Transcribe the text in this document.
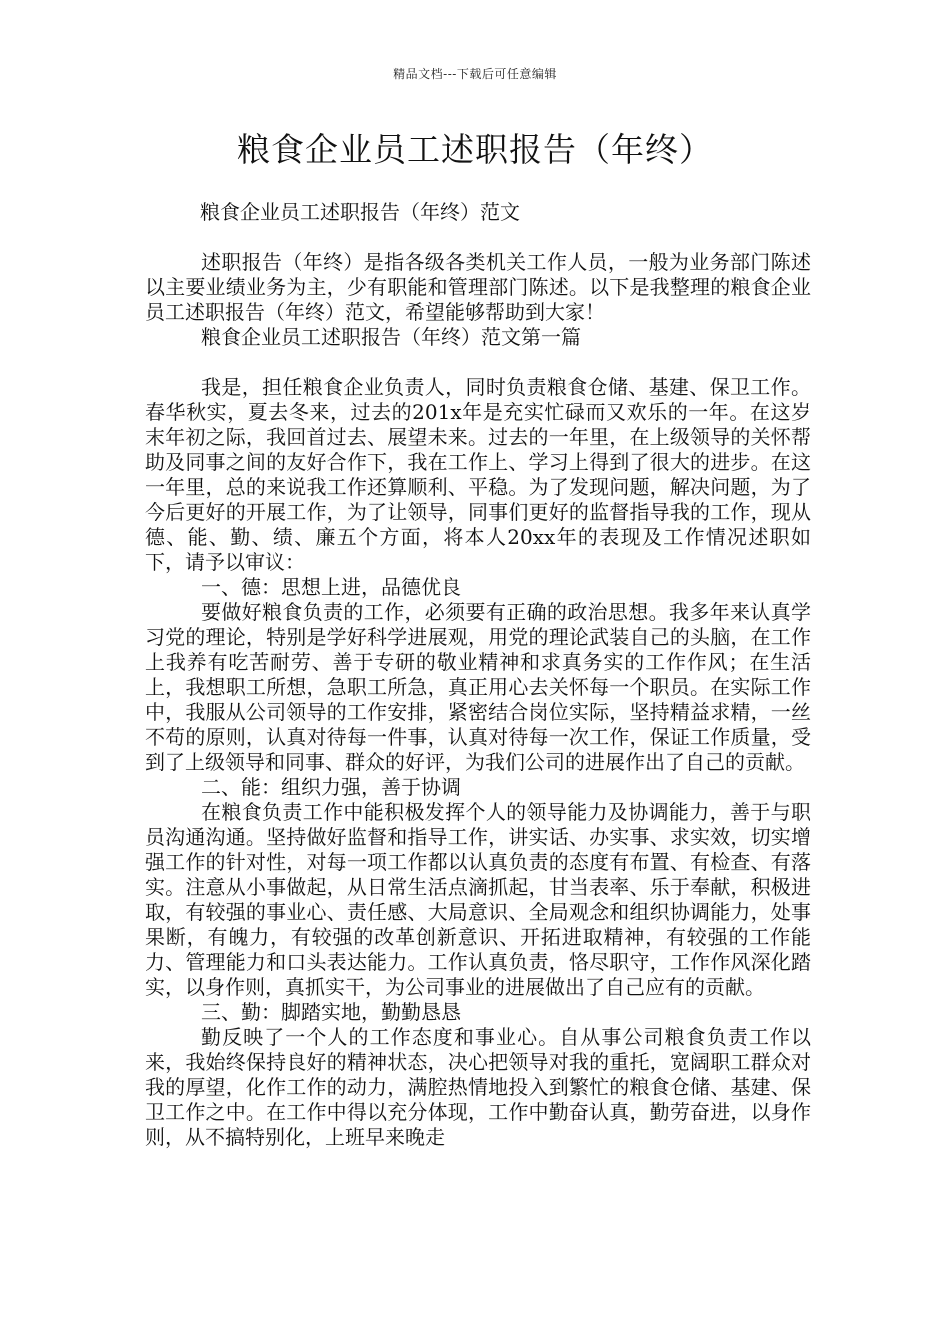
精品文档---下载后可任意编辑
粮食企业员工述职报告（年终）

粮食企业员工述职报告（年终）范文

述职报告（年终）是指各级各类机关工作人员，一般为业务部门陈述以主要业绩业务为主，少有职能和管理部门陈述。以下是我整理的粮食企业员工述职报告（年终）范文，希望能够帮助到大家！

粮食企业员工述职报告（年终）范文第一篇

我是，担任粮食企业负责人，同时负责粮食仓储、基建、保卫工作。春华秋实，夏去冬来，过去的201x年是充实忙碌而又欢乐的一年。在这岁末年初之际，我回首过去、展望未来。过去的一年里，在上级领导的关怀帮助及同事之间的友好合作下，我在工作上、学习上得到了很大的进步。在这一年里，总的来说我工作还算顺利、平稳。为了发现问题，解决问题，为了今后更好的开展工作，为了让领导，同事们更好的监督指导我的工作，现从德、能、勤、绩、廉五个方面，将本人20xx年的表现及工作情况述职如下，请予以审议：

一、德：思想上进，品德优良

要做好粮食负责的工作，必须要有正确的政治思想。我多年来认真学习党的理论，特别是学好科学进展观，用党的理论武装自己的头脑，在工作上我养有吃苦耐劳、善于专研的敬业精神和求真务实的工作作风；在生活上，我想职工所想，急职工所急，真正用心去关怀每一个职员。在实际工作中，我服从公司领导的工作安排，紧密结合岗位实际，坚持精益求精，一丝不苟的原则，认真对待每一件事，认真对待每一次工作，保证工作质量，受到了上级领导和同事、群众的好评，为我们公司的进展作出了自己的贡献。

二、能：组织力强，善于协调

在粮食负责工作中能积极发挥个人的领导能力及协调能力，善于与职员沟通沟通。坚持做好监督和指导工作，讲实话、办实事、求实效，切实增强工作的针对性，对每一项工作都以认真负责的态度有布置、有检查、有落实。注意从小事做起，从日常生活点滴抓起，甘当表率、乐于奉献，积极进取，有较强的事业心、责任感、大局意识、全局观念和组织协调能力，处事果断，有魄力，有较强的改革创新意识、开拓进取精神，有较强的工作能力、管理能力和口头表达能力。工作认真负责，恪尽职守，工作作风深化踏实，以身作则，真抓实干，为公司事业的进展做出了自己应有的贡献。

三、勤：脚踏实地，勤勤恳恳

勤反映了一个人的工作态度和事业心。自从事公司粮食负责工作以来，我始终保持良好的精神状态，决心把领导对我的重托，宽阔职工群众对我的厚望，化作工作的动力，满腔热情地投入到繁忙的粮食仓储、基建、保卫工作之中。在工作中得以充分体现，工作中勤奋认真，勤劳奋进，以身作则，从不搞特别化，上班早来晚走
